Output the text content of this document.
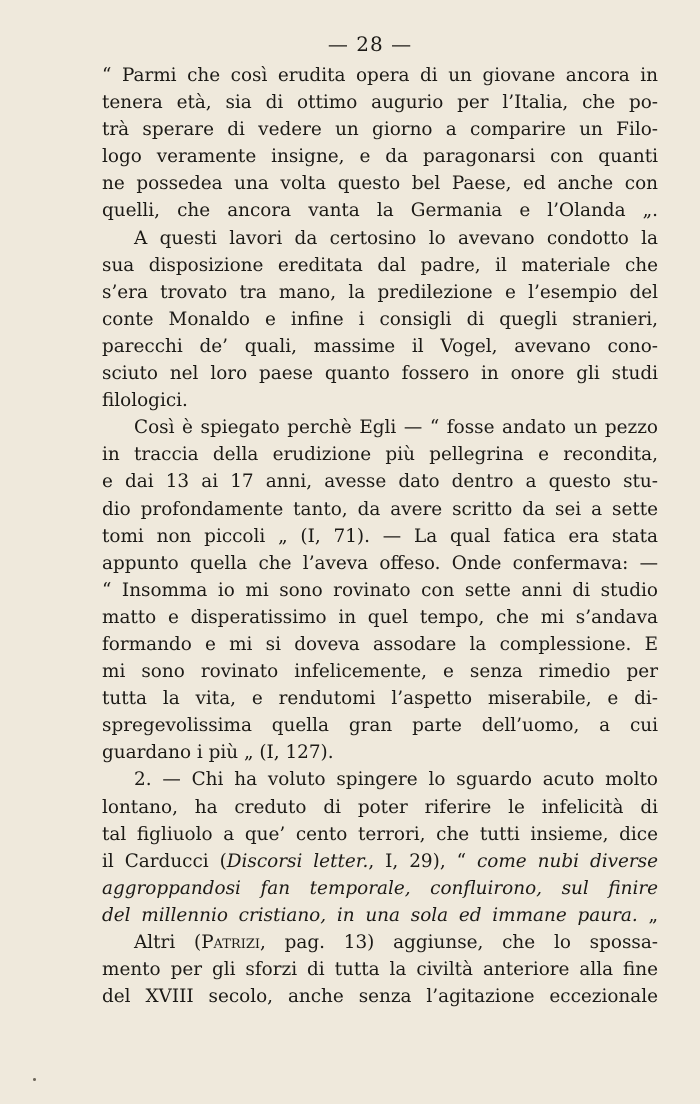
— 28 —
“ Parmi che così erudita opera di un giovane ancora in
tenera età, sia di ottimo augurio per l’Italia, che po-
trà sperare di vedere un giorno a comparire un Filo-
logo veramente insigne, e da paragonarsi con quanti
ne possedea una volta questo bel Paese, ed anche con
quelli, che ancora vanta la Germania e l’Olanda „.
A questi lavori da certosino lo avevano condotto la
sua disposizione ereditata dal padre, il materiale che
s’era trovato tra mano, la predilezione e l’esempio del
conte Monaldo e infine i consigli di quegli stranieri,
parecchi de’ quali, massime il Vogel, avevano cono-
sciuto nel loro paese quanto fossero in onore gli studi
filologici.
Così è spiegato perchè Egli — “ fosse andato un pezzo
in traccia della erudizione più pellegrina e recondita,
e dai 13 ai 17 anni, avesse dato dentro a questo stu-
dio profondamente tanto, da avere scritto da sei a sette
tomi non piccoli „ (I, 71). — La qual fatica era stata
appunto quella che l’aveva offeso. Onde confermava: —
“ Insomma io mi sono rovinato con sette anni di studio
matto e disperatissimo in quel tempo, che mi s’andava
formando e mi si doveva assodare la complessione. E
mi sono rovinato infelicemente, e senza rimedio per
tutta la vita, e rendutomi l’aspetto miserabile, e di-
spregevolissima quella gran parte dell’uomo, a cui
guardano i più „ (I, 127).
2. — Chi ha voluto spingere lo sguardo acuto molto
lontano, ha creduto di poter riferire le infelicità di
tal figliuolo a que’ cento terrori, che tutti insieme, dice
il Carducci (Discorsi letter., I, 29), “ come nubi diverse
aggroppandosi fan temporale, confluirono, sul finire
del millennio cristiano, in una sola ed immane paura. „
Altri (Patrizi, pag. 13) aggiunse, che lo spossa-
mento per gli sforzi di tutta la civiltà anteriore alla fine
del XVIII secolo, anche senza l’agitazione eccezionale
